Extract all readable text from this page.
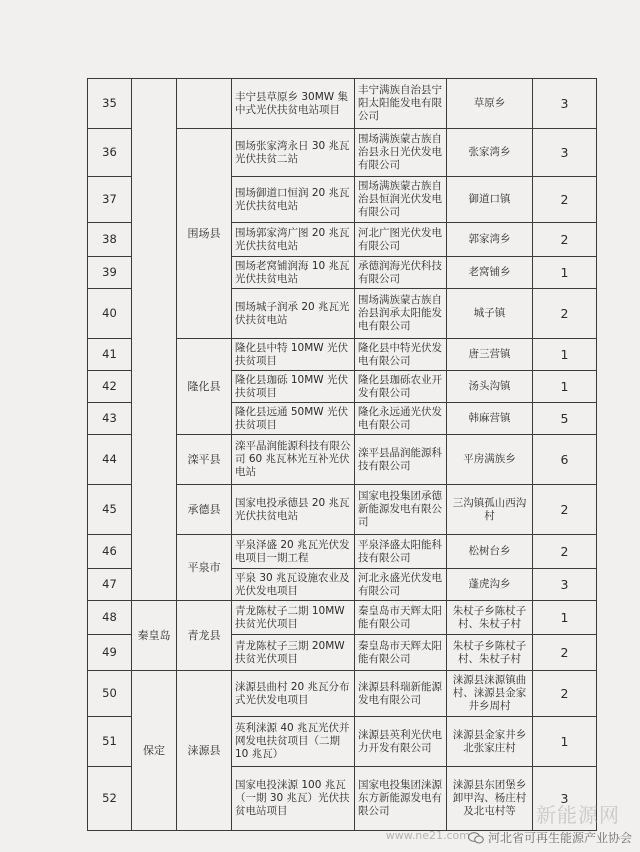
35			丰宁县草原乡 30MW 集中式光伏扶贫电站项目	丰宁满族自治县宁阳太阳能发电有限公司	草原乡	3
36		围场县	围场张家湾永日 30 兆瓦光伏扶贫二站	围场满族蒙古族自治县永日光伏发电有限公司	张家湾乡	3
37			围场御道口恒润 20 兆瓦光伏扶贫电站	围场满族蒙古族自治县恒润光伏发电有限公司	御道口镇	2
38			围场郭家湾广图 20 兆瓦光伏扶贫电站	河北广图光伏发电有限公司	郭家湾乡	2
39			围场老窝铺润海 10 兆瓦光伏扶贫电站	承德润海光伏科技有限公司	老窝铺乡	1
40			围场城子润承 20 兆瓦光伏扶贫电站	围场满族蒙古族自治县润承太阳能发电有限公司	城子镇	2
41		隆化县	隆化县中特 10MW 光伏扶贫项目	隆化县中特光伏发电有限公司	唐三营镇	1
42			隆化县珈砾 10MW 光伏扶贫项目	隆化县珈砾农业开发有限公司	汤头沟镇	1
43			隆化县远通 50MW 光伏扶贫项目	隆化永远通光伏发电有限公司	韩麻营镇	5
44		滦平县	滦平晶润能源科技有限公司 60 兆瓦林光互补光伏电站	滦平县晶润能源科技有限公司	平房满族乡	6
45		承德县	国家电投承德县 20 兆瓦光伏扶贫电站	国家电投集团承德新能源发电有限公司	三沟镇孤山西沟村	2
46		平泉市	平泉泽盛 20 兆瓦光伏发电项目一期工程	平泉泽盛太阳能科技有限公司	松树台乡	2
47			平泉 30 兆瓦设施农业及光伏发电项目	河北永盛光伏发电有限公司	蓬虎沟乡	3
48	秦皇岛	青龙县	青龙陈杖子二期 10MW 扶贫光伏项目	秦皇岛市天辉太阳能有限公司	朱杖子乡陈杖子村、朱杖子村	1
49			青龙陈杖子三期 20MW 扶贫光伏项目	秦皇岛市天辉太阳能有限公司	朱杖子乡陈杖子村、朱杖子村	2
50	保定	涞源县	涞源县曲村 20 兆瓦分布式光伏发电项目	涞源县科瑞新能源发电有限公司	涞源县涞源镇曲村、涞源县金家井乡周村	2
51			英利涞源 40 兆瓦光伏并网发电扶贫项目（二期 10 兆瓦）	涞源县英利光伏电力开发有限公司	涞源县金家井乡北张家庄村	1
52			国家电投涞源 100 兆瓦（一期 30 兆瓦）光伏扶贫电站项目	国家电投集团涞源东方新能源发电有限公司	涞源县东团堡乡卸甲沟、杨庄村及北屯村等	3
新能源网
www.ne21.com 河北省可再生能源产业协会
